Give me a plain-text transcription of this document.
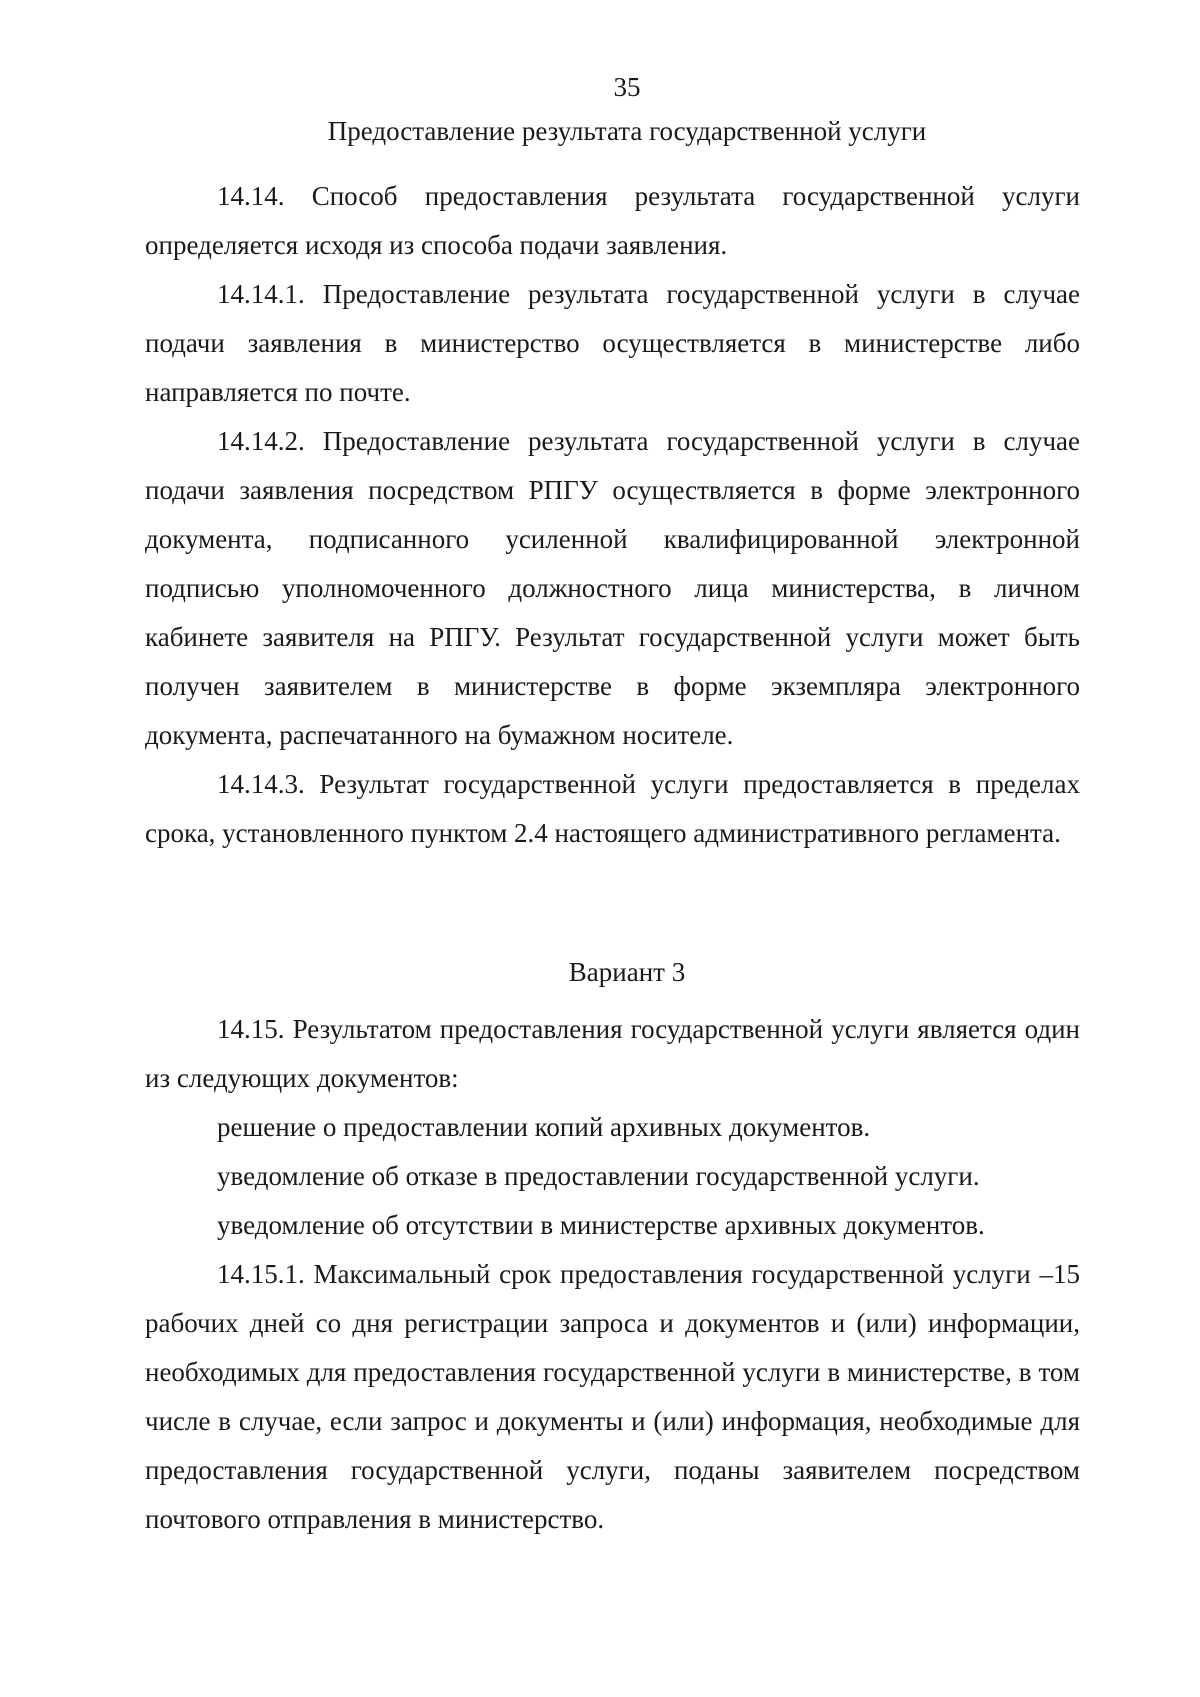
35
Предоставление результата государственной услуги

14.14. Способ предоставления результата государственной услуги определяется исходя из способа подачи заявления.

14.14.1. Предоставление результата государственной услуги в случае подачи заявления в министерство осуществляется в министерстве либо направляется по почте.

14.14.2. Предоставление результата государственной услуги в случае подачи заявления посредством РПГУ осуществляется в форме электронного документа, подписанного усиленной квалифицированной электронной подписью уполномоченного должностного лица министерства, в личном кабинете заявителя на РПГУ. Результат государственной услуги может быть получен заявителем в министерстве в форме экземпляра электронного документа, распечатанного на бумажном носителе.

14.14.3. Результат государственной услуги предоставляется в пределах срока, установленного пунктом 2.4 настоящего административного регламента.

Вариант 3

14.15. Результатом предоставления государственной услуги является один из следующих документов:

решение о предоставлении копий архивных документов.

уведомление об отказе в предоставлении государственной услуги.

уведомление об отсутствии в министерстве архивных документов.

14.15.1. Максимальный срок предоставления государственной услуги –15 рабочих дней со дня регистрации запроса и документов и (или) информации, необходимых для предоставления государственной услуги в министерстве, в том числе в случае, если запрос и документы и (или) информация, необходимые для предоставления государственной услуги, поданы заявителем посредством почтового отправления в министерство.
